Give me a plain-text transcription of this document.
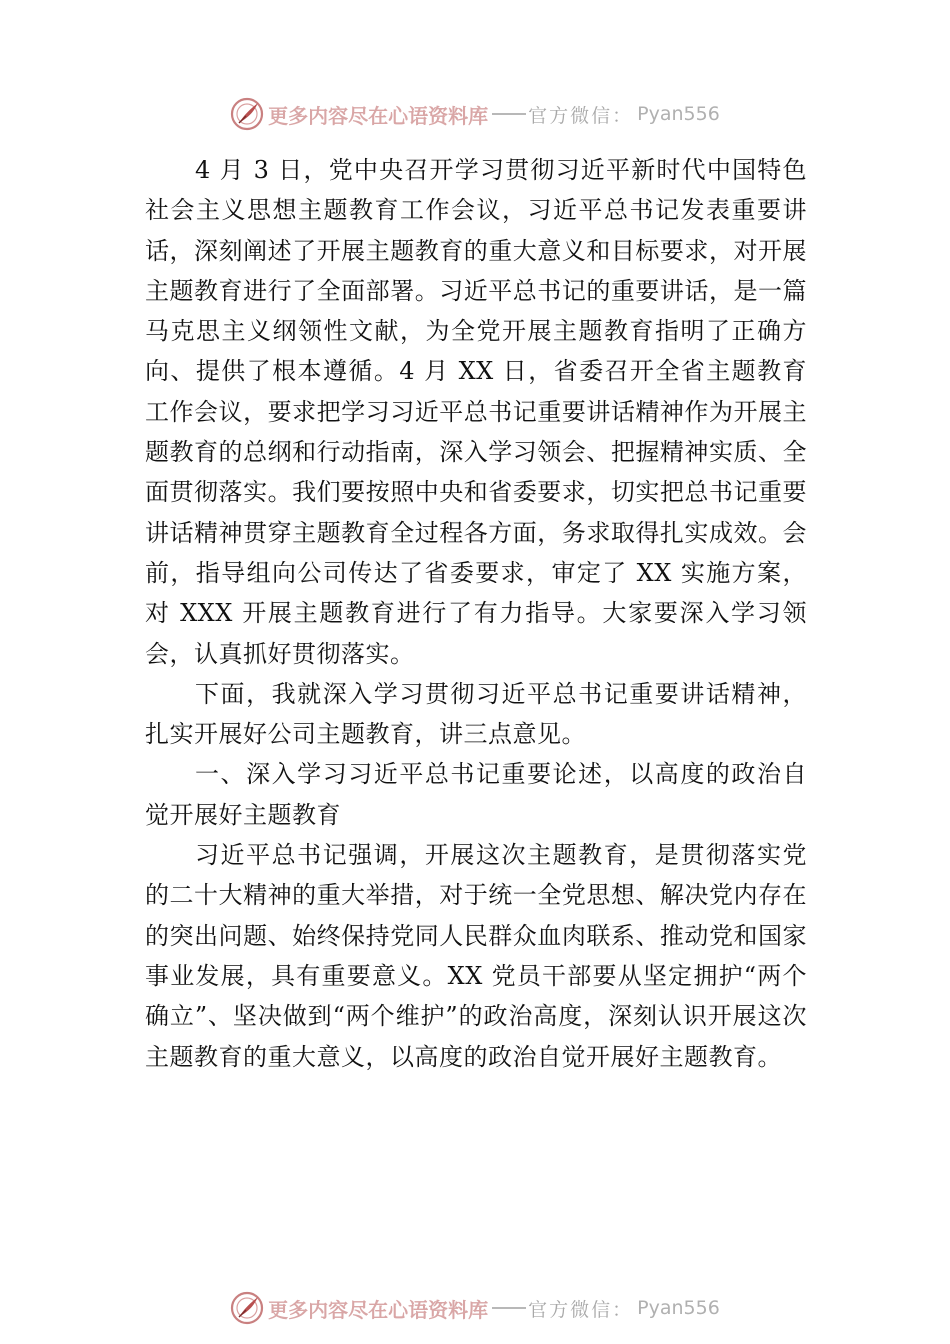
更多内容尽在心语资料库 官方微信： Pyan556

4 月 3 日，党中央召开学习贯彻习近平新时代中国特色社会主义思想主题教育工作会议，习近平总书记发表重要讲话，深刻阐述了开展主题教育的重大意义和目标要求，对开展主题教育进行了全面部署。习近平总书记的重要讲话，是一篇马克思主义纲领性文献，为全党开展主题教育指明了正确方向、提供了根本遵循。4 月 XX 日，省委召开全省主题教育工作会议，要求把学习习近平总书记重要讲话精神作为开展主题教育的总纲和行动指南，深入学习领会、把握精神实质、全面贯彻落实。我们要按照中央和省委要求，切实把总书记重要讲话精神贯穿主题教育全过程各方面，务求取得扎实成效。会前，指导组向公司传达了省委要求，审定了 XX 实施方案，对 XXX 开展主题教育进行了有力指导。大家要深入学习领会，认真抓好贯彻落实。

下面，我就深入学习贯彻习近平总书记重要讲话精神，扎实开展好公司主题教育，讲三点意见。

一、深入学习习近平总书记重要论述，以高度的政治自觉开展好主题教育

习近平总书记强调，开展这次主题教育，是贯彻落实党的二十大精神的重大举措，对于统一全党思想、解决党内存在的突出问题、始终保持党同人民群众血肉联系、推动党和国家事业发展，具有重要意义。XX 党员干部要从坚定拥护“两个确立”、坚决做到“两个维护”的政治高度，深刻认识开展这次主题教育的重大意义，以高度的政治自觉开展好主题教育。

更多内容尽在心语资料库 官方微信： Pyan556
